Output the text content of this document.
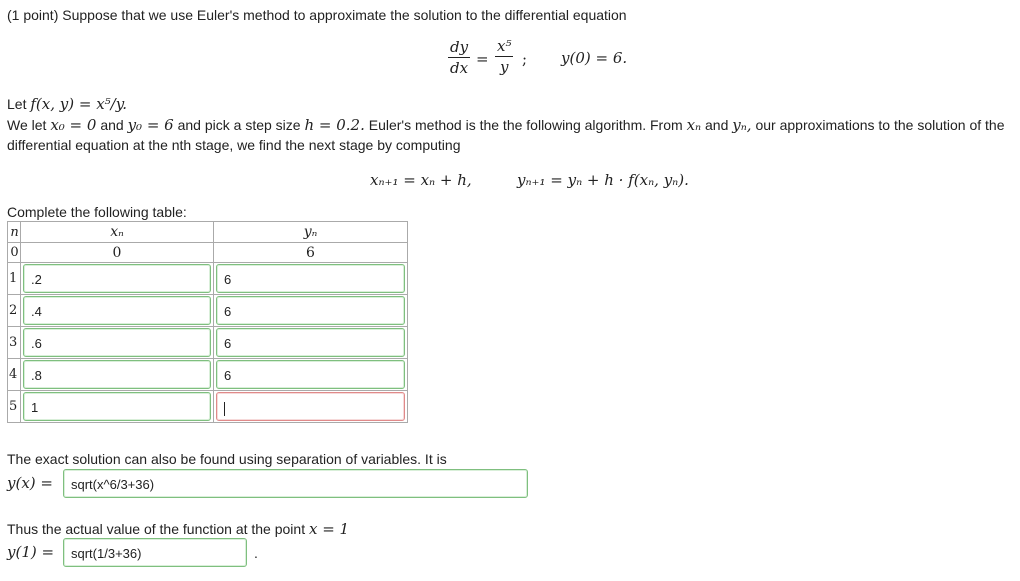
(1 point) Suppose that we use Euler's method to approximate the solution to the differential equation
dy
dx =
x⁵
y ; y(0) = 6.
Let f(x, y) = x⁵/y.
We let x₀ = 0 and y₀ = 6 and pick a step size h = 0.2. Euler's method is the the following algorithm. From xₙ and yₙ, our approximations to the solution of the
differential equation at the nth stage, we find the next stage by computing
xₙ₊₁ = xₙ + h,	yₙ₊₁ = yₙ + h · f(xₙ, yₙ).
Complete the following table:
n	xₙ	yₙ
0	0	6
1	.2	6

2	.4	6

3	.6	6

4	.8	6

5	1	

The exact solution can also be found using separation of variables. It is
y(x) =	sqrt(x^6/3+36)
Thus the actual value of the function at the point x = 1
y(1) =	sqrt(1/3+36)	.
